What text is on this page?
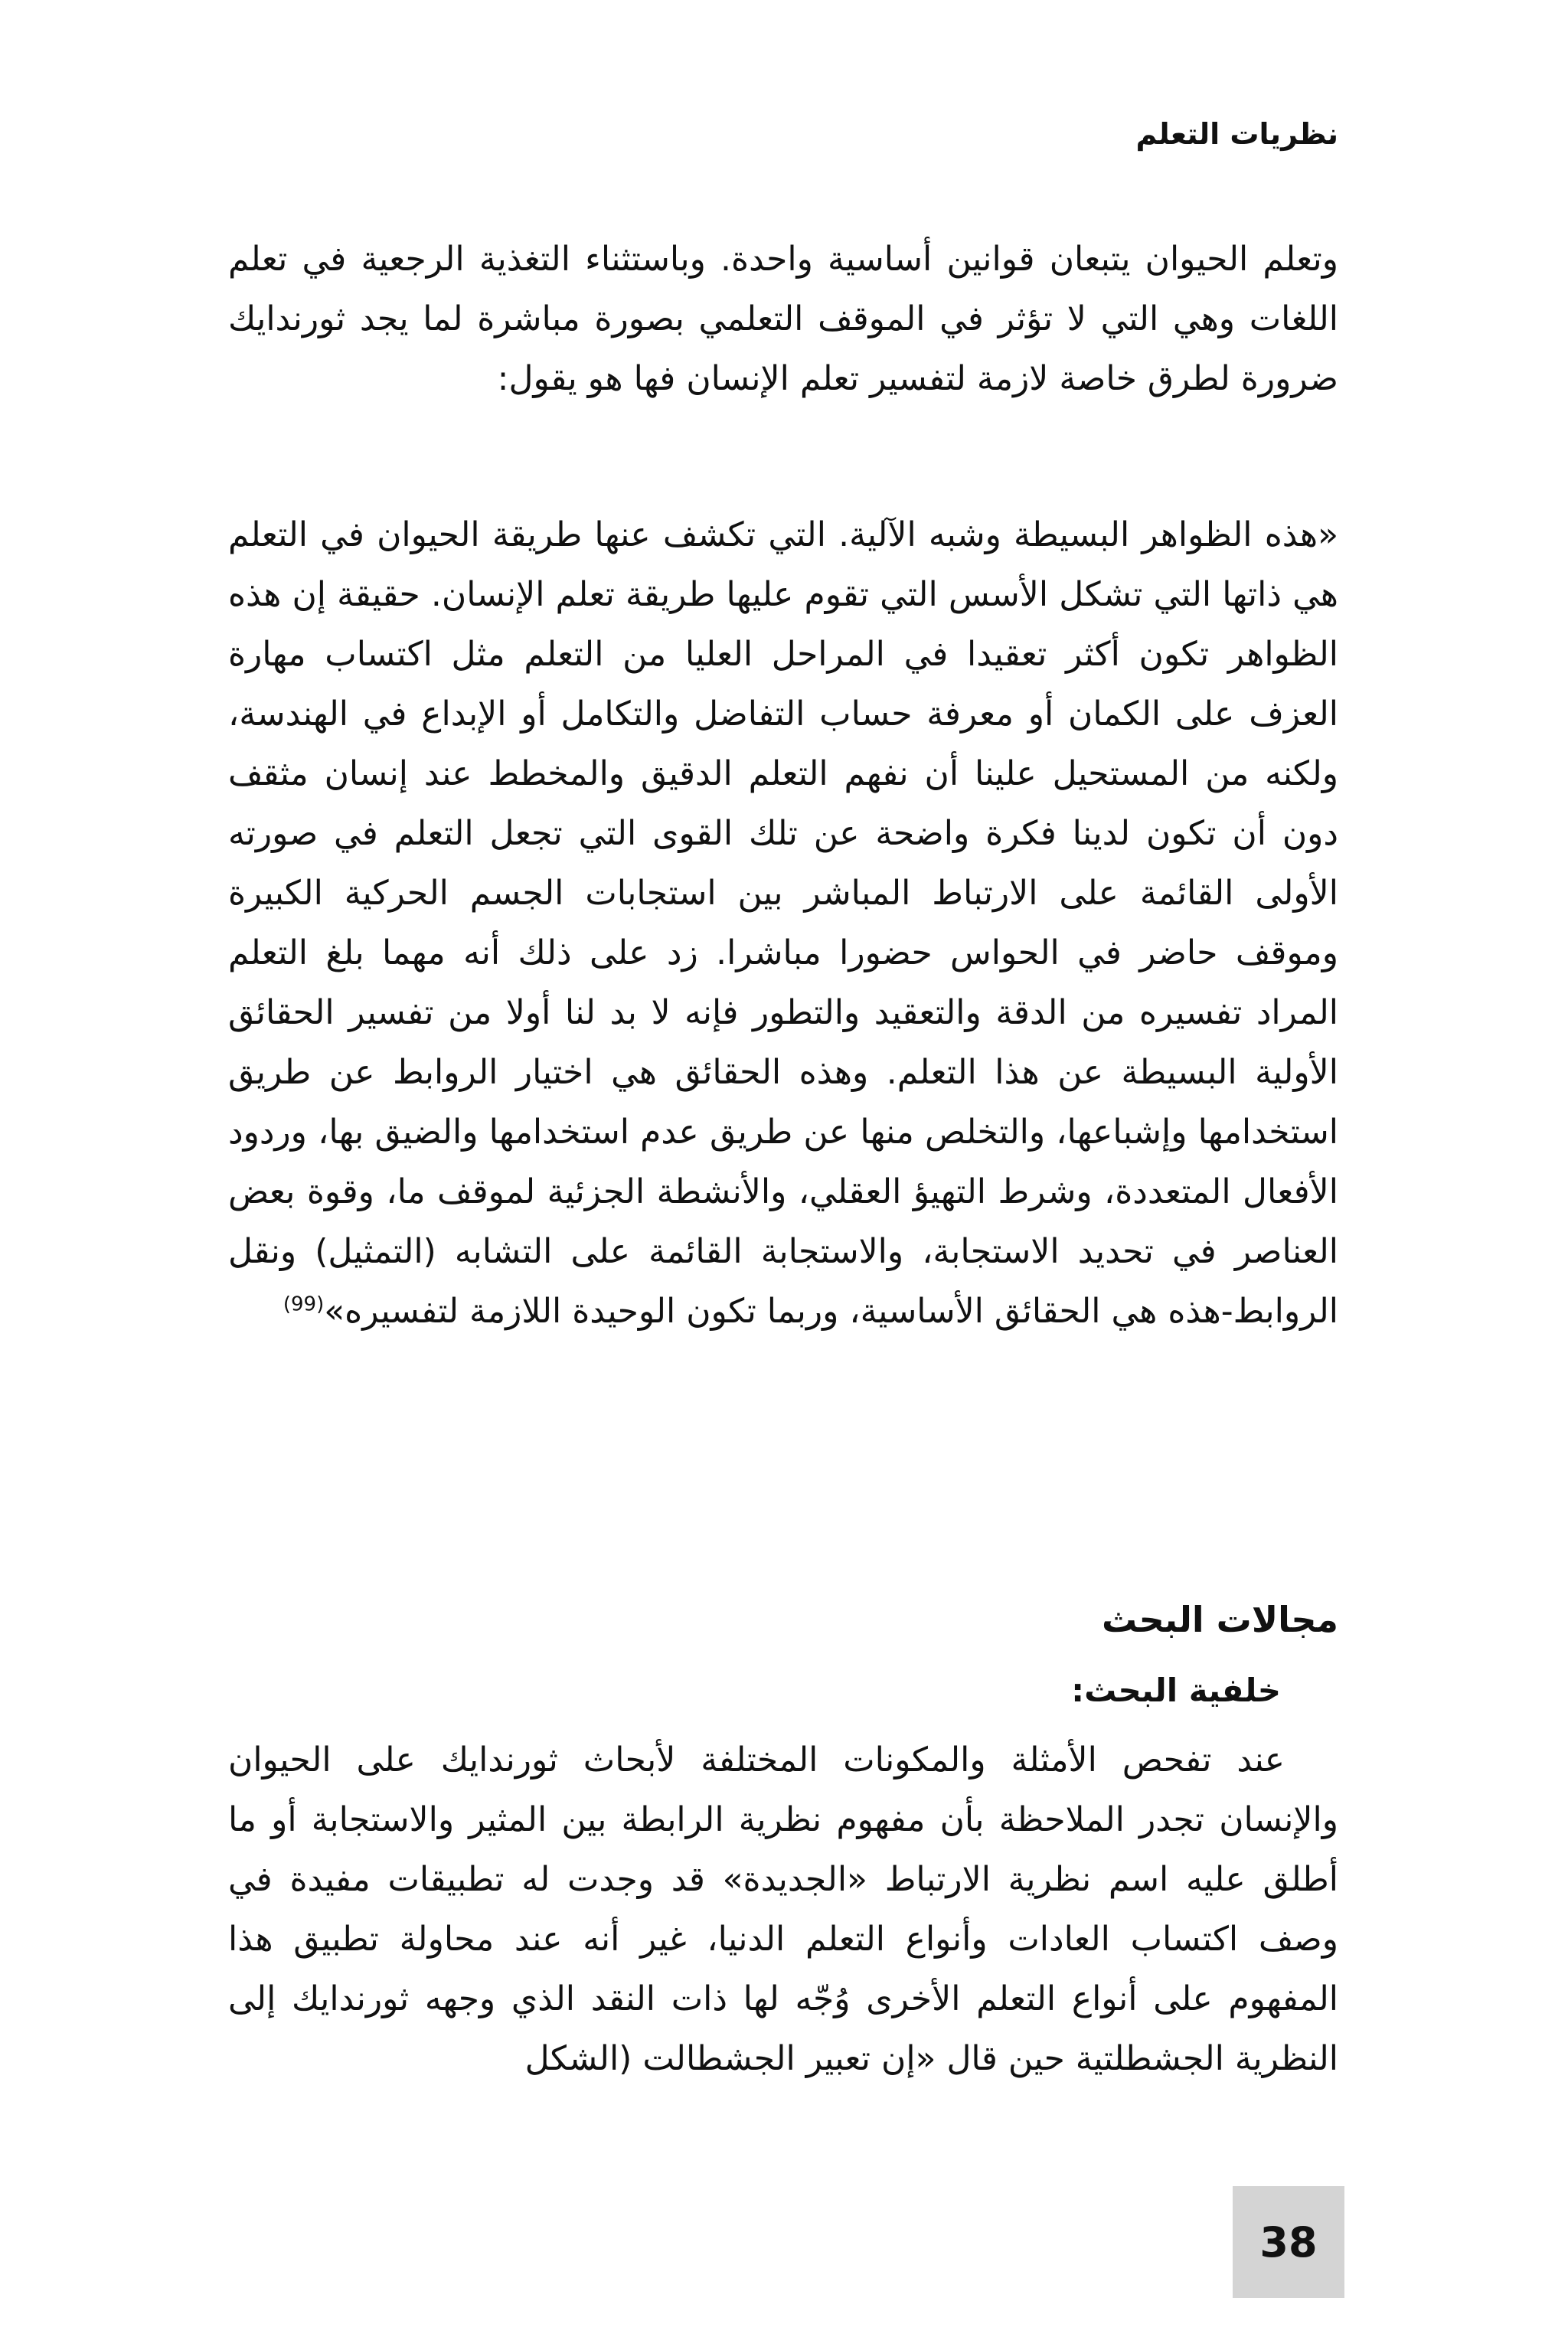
نظريات التعلم

وتعلم الحيوان يتبعان قوانين أساسية واحدة. وباستثناء التغذية الرجعية في تعلم اللغات وهي التي لا تؤثر في الموقف التعلمي بصورة مباشرة لما يجد ثورندايك ضرورة لطرق خاصة لازمة لتفسير تعلم الإنسان فها هو يقول:

«هذه الظواهر البسيطة وشبه الآلية. التي تكشف عنها طريقة الحيوان في التعلم هي ذاتها التي تشكل الأسس التي تقوم عليها طريقة تعلم الإنسان. حقيقة إن هذه الظواهر تكون أكثر تعقيدا في المراحل العليا من التعلم مثل اكتساب مهارة العزف على الكمان أو معرفة حساب التفاضل والتكامل أو الإبداع في الهندسة، ولكنه من المستحيل علينا أن نفهم التعلم الدقيق والمخطط عند إنسان مثقف دون أن تكون لدينا فكرة واضحة عن تلك القوى التي تجعل التعلم في صورته الأولى القائمة على الارتباط المباشر بين استجابات الجسم الحركية الكبيرة وموقف حاضر في الحواس حضورا مباشرا. زد على ذلك أنه مهما بلغ التعلم المراد تفسيره من الدقة والتعقيد والتطور فإنه لا بد لنا أولا من تفسير الحقائق الأولية البسيطة عن هذا التعلم. وهذه الحقائق هي اختيار الروابط عن طريق استخدامها وإشباعها، والتخلص منها عن طريق عدم استخدامها والضيق بها، وردود الأفعال المتعددة، وشرط التهيؤ العقلي، والأنشطة الجزئية لموقف ما، وقوة بعض العناصر في تحديد الاستجابة، والاستجابة القائمة على التشابه (التمثيل) ونقل الروابط-هذه هي الحقائق الأساسية، وربما تكون الوحيدة اللازمة لتفسيره»$^{(99)}$

مجالات البحث
خلفية البحث:

عند تفحص الأمثلة والمكونات المختلفة لأبحاث ثورندايك على الحيوان والإنسان تجدر الملاحظة بأن مفهوم نظرية الرابطة بين المثير والاستجابة أو ما أطلق عليه اسم نظرية الارتباط «الجديدة» قد وجدت له تطبيقات مفيدة في وصف اكتساب العادات وأنواع التعلم الدنيا، غير أنه عند محاولة تطبيق هذا المفهوم على أنواع التعلم الأخرى وُجّه لها ذات النقد الذي وجهه ثورندايك إلى النظرية الجشطلتية حين قال «إن تعبير الجشطالت (الشكل

38
